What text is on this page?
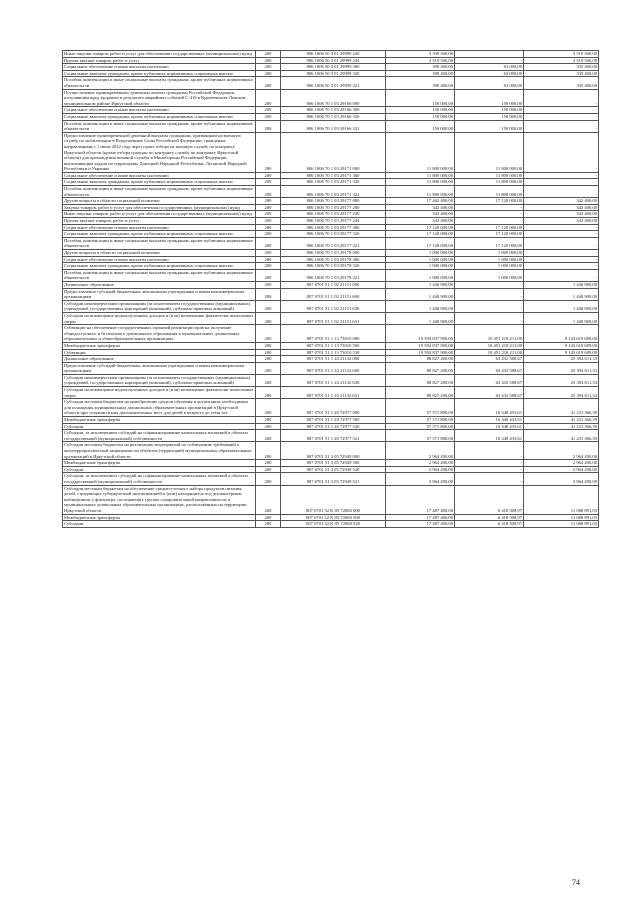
Иные закупки товаров, работ и услуг для обеспечения государственных (муниципальных) нужд	200	806 1006 50 3 01 29999 240	3 339 500,00		3 519 500,00
Прочая закупка товаров, работ и услуг	200	806 1006 50 3 01 29999 244	3 519 500,00	-	3 519 500,00
Социальное обеспечение и иные выплаты населению	200	806 1006 50 3 01 29999 300	398 400,00	63 000,00	335 400,00
Социальные выплаты гражданам, кроме публичных нормативных социальных выплат	200	806 1006 50 3 01 29999 320	398 400,00	63 000,00	335 400,00
Пособия, компенсации и иные социальные выплаты гражданам, кроме публичных нормативных обязательств	200	806 1006 50 3 01 29999 321	398 400,00	63 000,00	335 400,00
Осуществление единовременных денежных выплат гражданам Российской Федерации, получившим вред здоровью в результате аварийных событий С-416 в Куршеевском-Ленском муниципальном районе Иркутской области	200	806 1006 70 1 03 29166 000	150 000,00	150 000,00	-
Социальное обеспечение и иные выплаты населению	200	806 1006 70 1 03 29166 300	150 000,00	150 000,00	-
Социальные выплаты гражданам, кроме публичных нормативных социальных выплат	200	806 1006 70 1 03 29166 320	150 000,00	150 000,00	-
Пособия, компенсации и иные социальные выплаты гражданам, кроме публичных нормативных обязательств	200	806 1006 70 1 03 29166 321	150 000,00	150 000,00	-
Предоставление единовременной денежной выплаты гражданам, призванным на военную службу по мобилизации в Вооруженные Силы Российской Федерации, гражданам, направленным с 1 июля 2022 года через пункт отбора на военную службу по контракту Иркутской области (кроме отбора граждан по контракту службу по контракту Иркутской области) для прохождения военной службы в Минобороны Российской Федерации, выполняющим задачи на территориях Донецкой Народной Республики, Луганской Народной Республики и Украины	200	806 1006 70 1 03 29171 000	11 800 000,00	11 800 000,00	-
Социальное обеспечение и иные выплаты населению	200	806 1006 70 1 03 29171 300	11 800 000,00	11 800 000,00	-
Социальные выплаты гражданам, кроме публичных нормативных социальных выплат	200	806 1006 70 1 03 29171 320	11 800 000,00	11 800 000,00	-
Пособия, компенсации и иные социальные выплаты гражданам, кроме публичных нормативных обязательств	200	806 1006 70 1 03 29171 321	11 800 000,00	11 800 000,00	-
Другие вопросы в области социальной политики	200	806 1006 70 1 03 29177 000	17 462 400,00	17 120 000,00	342 400,00
Закупка товаров, работ и услуг для обеспечения государственных (муниципальных) нужд	200	806 1006 70 1 03 29177 200	342 400,00	-	342 400,00
Иные закупки товаров, работ и услуг для обеспечения государственных (муниципальных) нужд	200	806 1006 70 1 03 29177 240	342 400,00	-	342 400,00
Прочая закупка товаров, работ и услуг	200	806 1006 70 1 03 29177 244	342 400,00	-	342 400,00
Социальное обеспечение и иные выплаты населению	200	806 1006 70 1 03 29177 300	17 120 000,00	17 120 000,00	-
Социальные выплаты гражданам, кроме публичных нормативных социальных выплат	200	806 1006 70 1 03 29177 320	17 120 000,00	17 120 000,00	-
Пособия, компенсации и иные социальные выплаты гражданам, кроме публичных нормативных обязательств	200	806 1006 70 1 03 29177 321	17 120 000,00	17 120 000,00	-
Другие вопросы в области социальной политики	200	806 1006 70 1 03 29178 000	1 000 000,00	1 000 000,00	-
Социальное обеспечение и иные выплаты населению	200	806 1006 70 1 03 29178 300	1 000 000,00	1 000 000,00	-
Социальные выплаты гражданам, кроме публичных нормативных социальных выплат	200	806 1006 70 1 03 29178 320	1 000 000,00	1 000 000,00	-
Пособия, компенсации и иные социальные выплаты гражданам, кроме публичных нормативных обязательств	200	806 1006 70 1 03 29178 321	1 000 000,00	1 000 000,00	-
Дошкольное образование	200	807 0701 51 1 02 21151 000	1 440 900,00	-	1 440 900,00
Предоставление субсидий бюджетным, автономным учреждениям и иным некоммерческим организациям	200	807 0701 51 1 02 21151 600	1 440 900,00	-	1 440 900,00
Субсидии некоммерческим организациям (за исключением государственных (муниципальных) учреждений, государственных корпораций (компаний), публично-правовых компаний)	200	807 0701 51 1 02 21151 630	1 440 900,00	-	1 440 900,00
Субсидии на возмещение недополученных доходов и (или) возмещение фактически понесенных затрат	200	807 0701 51 1 02 21151 631	1 440 900,00	-	1 440 900,00
Субвенции на обеспечение государственных гарантий реализации прав на получение общедоступного и бесплатного дошкольного образования в муниципальных дошкольных образовательных и общеобразовательных организациях	200	807 0701 51 1 13 73010 000	19 594 837 900,00	10 451 218 211,00	9 143 619 689,00
Межбюджетные трансферты	200	807 0701 51 1 13 73010 500	19 594 837 900,00	10 451 218 211,00	9 143 619 689,00
Субвенции	200	807 0701 51 1 13 73010 530	19 594 837 900,00	10 451 218 211,00	9 143 619 689,00
Дошкольное образование	200	807 0701 51 1 24 21132 000	88 827 200,00	63 432 588,67	25 394 611,33
Предоставление субсидий бюджетным, автономным учреждениям и иным некоммерческим организациям	200	807 0701 51 1 24 21132 600	88 827 200,00	63 432 588,67	25 394 611,33
Субсидии некоммерческим организациям (за исключением государственных (муниципальных) учреждений, государственных корпораций (компаний), публично-правовых компаний)	200	807 0701 51 1 24 21132 630	88 827 200,00	63 432 588,67	25 394 611,33
Субсидии на возмещение недополученных доходов и (или) возмещение фактически понесенных затрат	200	807 0701 51 1 24 21132 631	88 827 200,00	63 432 588,67	25 394 611,33
Субсидии местным бюджетам на приобретение средств обучения и воспитания, необходимых для оснащения муниципальных дошкольных образовательных организаций в Иркутской области при создании в них дополнительных мест для детей в возрасте до семи лет	200	807 0701 51 1 28 72977 000	57 571 800,00	16 340 433,61	41 231 366,39
Межбюджетные трансферты	200	807 0701 51 1 28 72977 500	57 571 800,00	16 340 433,61	41 231 366,39
Субсидии	200	807 0701 51 1 28 72977 520	57 571 800,00	16 340 433,61	41 231 366,39
Субсидии, за исключением субсидий на софинансирование капитальных вложений в объекты государственной (муниципальной) собственности	200	807 0701 51 1 28 72977 521	57 571 800,00	16 340 433,61	41 231 366,39
Субсидии местным бюджетам на реализацию мероприятий по соблюдению требований к антитеррористической защищенности объектов (территорий) муниципальных образовательных организаций в Иркутской области	200	807 0701 51 3 05 72949 000	2 964 200,00	-	2 964 200,00
Межбюджетные трансферты	200	807 0701 51 3 05 72949 500	2 964 200,00	-	2 964 200,00
Субсидии	200	807 0701 51 3 05 72949 520	2 964 200,00	-	2 964 200,00
Субсидии, за исключением субсидий на софинансирование капитальных вложений в объекты государственной (муниципальной) собственности	200	807 0701 51 3 05 72949 521	2 964 200,00	-	2 964 200,00
Субсидии местным бюджетам на обеспечение среднесуточного набора продуктов питания детей, страдающих туберкулезной интоксикацией и (или) находящихся под диспансерным наблюдением у фтизиатра, посещающих группы оздоровительной направленности в муниципальных дошкольных образовательных организациях, расположенных на территории Иркутской области	200	807 0701 52 K 05 72060 000	17 487 400,00	6 418 508,97	11 068 891,03
Межбюджетные трансферты	200	807 0701 52 K 05 72060 500	17 487 400,00	6 418 508,97	11 068 891,03
Субсидии	200	807 0701 52 K 05 72060 520	17 487 400,00	6 418 508,97	11 068 891,03
74
